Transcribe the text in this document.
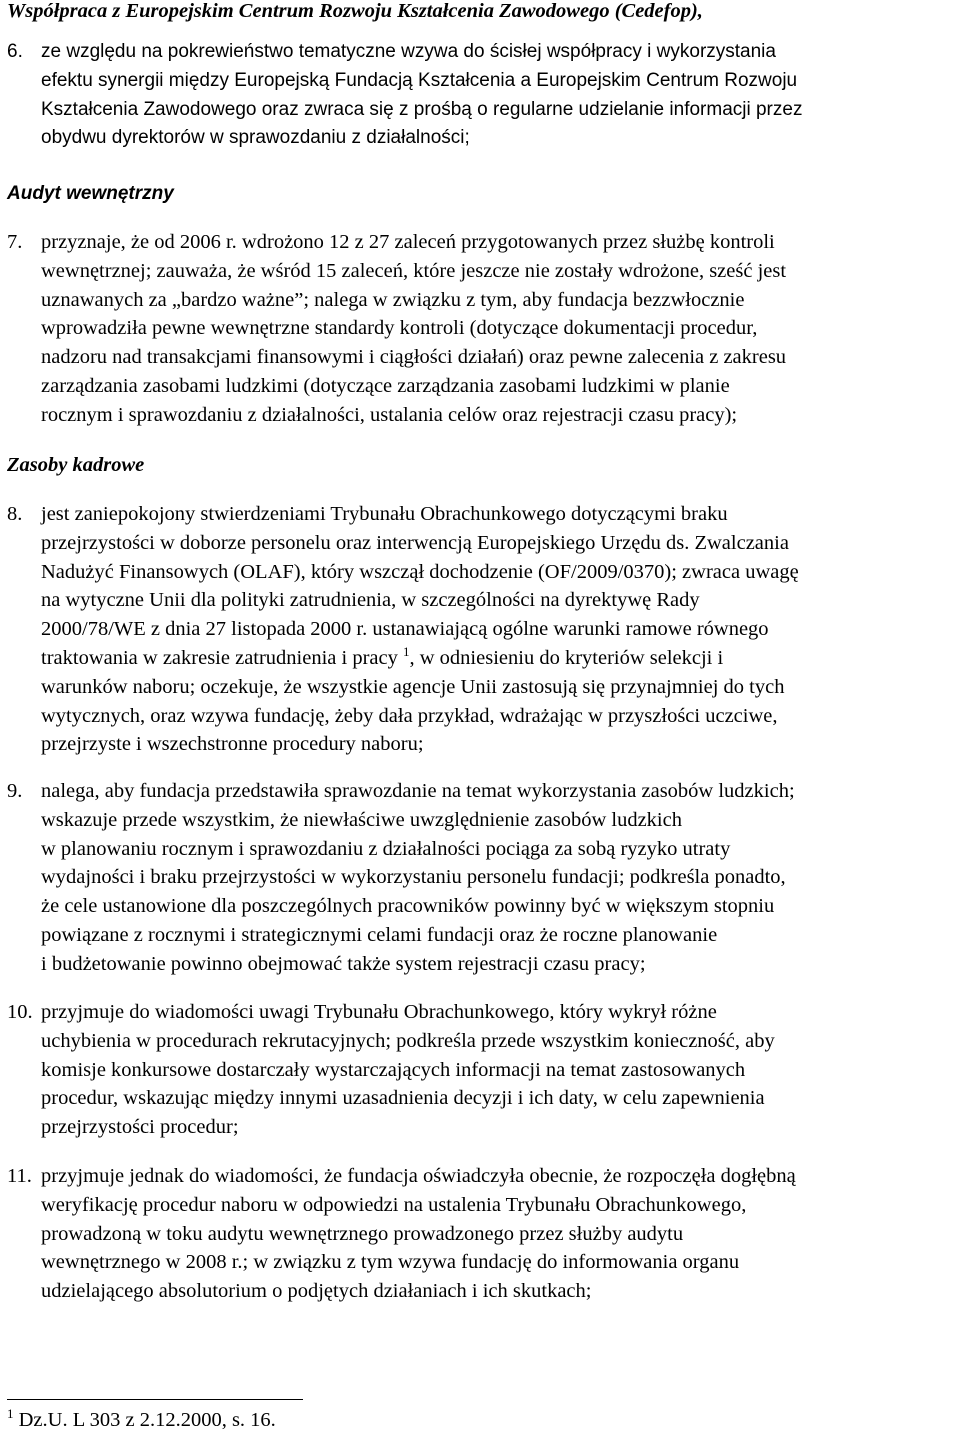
Współpraca z Europejskim Centrum Rozwoju Kształcenia Zawodowego (Cedefop),
6. ze względu na pokrewieństwo tematyczne wzywa do ścisłej współpracy i wykorzystania
efektu synergii między Europejską Fundacją Kształcenia a Europejskim Centrum Rozwoju
Kształcenia Zawodowego oraz zwraca się z prośbą o regularne udzielanie informacji przez
obydwu dyrektorów w sprawozdaniu z działalności;
Audyt wewnętrzny
7. przyznaje, że od 2006 r. wdrożono 12 z 27 zaleceń przygotowanych przez służbę kontroli
wewnętrznej; zauważa, że wśród 15 zaleceń, które jeszcze nie zostały wdrożone, sześć jest
uznawanych za „bardzo ważne”; nalega w związku z tym, aby fundacja bezzwłocznie
wprowadziła pewne wewnętrzne standardy kontroli (dotyczące dokumentacji procedur,
nadzoru nad transakcjami finansowymi i ciągłości działań) oraz pewne zalecenia z zakresu
zarządzania zasobami ludzkimi (dotyczące zarządzania zasobami ludzkimi w planie
rocznym i sprawozdaniu z działalności, ustalania celów oraz rejestracji czasu pracy);
Zasoby kadrowe
8. jest zaniepokojony stwierdzeniami Trybunału Obrachunkowego dotyczącymi braku
przejrzystości w doborze personelu oraz interwencją Europejskiego Urzędu ds. Zwalczania
Nadużyć Finansowych (OLAF), który wszczął dochodzenie (OF/2009/0370); zwraca uwagę
na wytyczne Unii dla polityki zatrudnienia, w szczególności na dyrektywę Rady
2000/78/WE z dnia 27 listopada 2000 r. ustanawiającą ogólne warunki ramowe równego
traktowania w zakresie zatrudnienia i pracy $^1$, w odniesieniu do kryteriów selekcji i
warunków naboru; oczekuje, że wszystkie agencje Unii zastosują się przynajmniej do tych
wytycznych, oraz wzywa fundację, żeby dała przykład, wdrażając w przyszłości uczciwe,
przejrzyste i wszechstronne procedury naboru;
9. nalega, aby fundacja przedstawiła sprawozdanie na temat wykorzystania zasobów ludzkich;
wskazuje przede wszystkim, że niewłaściwe uwzględnienie zasobów ludzkich
w planowaniu rocznym i sprawozdaniu z działalności pociąga za sobą ryzyko utraty
wydajności i braku przejrzystości w wykorzystaniu personelu fundacji; podkreśla ponadto,
że cele ustanowione dla poszczególnych pracowników powinny być w większym stopniu
powiązane z rocznymi i strategicznymi celami fundacji oraz że roczne planowanie
i budżetowanie powinno obejmować także system rejestracji czasu pracy;
10. przyjmuje do wiadomości uwagi Trybunału Obrachunkowego, który wykrył różne
uchybienia w procedurach rekrutacyjnych; podkreśla przede wszystkim konieczność, aby
komisje konkursowe dostarczały wystarczających informacji na temat zastosowanych
procedur, wskazując między innymi uzasadnienia decyzji i ich daty, w celu zapewnienia
przejrzystości procedur;
11. przyjmuje jednak do wiadomości, że fundacja oświadczyła obecnie, że rozpoczęła dogłębną
weryfikację procedur naboru w odpowiedzi na ustalenia Trybunału Obrachunkowego,
prowadzoną w toku audytu wewnętrznego prowadzonego przez służby audytu
wewnętrznego w 2008 r.; w związku z tym wzywa fundację do informowania organu
udzielającego absolutorium o podjętych działaniach i ich skutkach;
$^1$ Dz.U. L 303 z 2.12.2000, s. 16.
